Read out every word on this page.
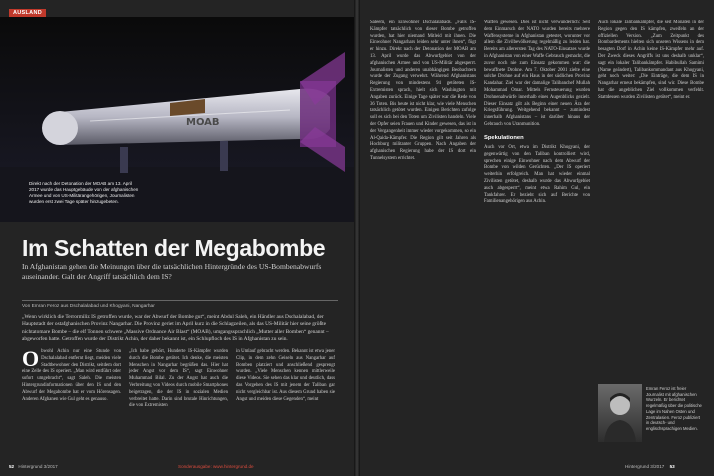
AUSLAND
MOAB
Direkt nach der Detonation der MOAB am 13. April 2017 wurde das Hauptgebäude von der afghanischen Armee und von US-Militärangehörigen, Journalisten wurden erst zwei Tage später hinzugebeten.
Im Schatten der Megabombe
In Afghanistan gehen die Meinungen über die tatsächlichen Hintergründe des US-Bombenabwurfs auseinander. Galt der Angriff tatsächlich dem IS?
Von Emran Feroz aus Dschalalabad und Khogyani, Nangarhar
„Wenn wirklich die Terrormiliz IS getroffen wurde, war der Abwurf der Bombe gut“, meint Abdul Saleh, ein Händler aus Dschalalabad, der Hauptstadt der ostafghanischen Provinz Nangarhar. Die Provinz geriet im April kurz in die Schlagzeilen, als das US-Militär hier seine größte nichtatomare Bombe – die elf Tonnen schwere „Massive Ordnance Air Blast“ (MOAB), umgangssprachlich „Mutter aller Bomben“ genannt – abgeworfen hatte. Getroffen wurde der Distrikt Achin, der daher bekannt ist, ein Schlupfloch des IS in Afghanistan zu sein.
Obwohl Achin nur eine Stunde von Dschalalabad entfernt liegt, meiden viele Stadtbewohner den Distrikt, seitdem dort eine Zelle des IS operiert. „Man wird entführt oder sofort umgebracht“, sagt Saleh. Die meisten Hintergrundinformationen über den IS und den Abwurf der Megabombe hat er vom Hörensagen. Anderen Afghanen wie Gul geht es genauso.
„Ich habe gehört, Hunderte IS-Kämpfer wurden durch die Bombe getötet. Ich denke, die meisten Menschen in Nangarhar begrüßen das. Hier hat jeder Angst vor dem IS“, sagt Einwohner Muhammad Bilal. Zu der Angst hat auch die Verbreitung von Videos durch mobile Smartphones beigetragen, die der IS in sozialen Medien verbreitet hatte. Darin sind brutale Hinrichtungen, die von Extremisten
in Umlauf gebracht werden. Bekannt ist etwa jener Clip, in dem zehn Geiseln aus Nangarhar auf Bomben platziert und anschließend gesprengt wurden. „Viele Menschen kennen mittlerweile diese Videos. Sie sehen das klar und deutlich, dass das Vorgehen des IS mit jenem der Taliban gar nicht vergleichbar ist. Aus diesem Grund haben sie Angst und meiden diese Gegenden“, meint
52 Hintergrund 3/2017	Sonderausgabe: www.hintergrund.de
Saleem, ein Einwohner Dschalalabads. „Falls IS-Kämpfer tatsächlich von dieser Bombe getroffen wurden, hat hier niemand Mitleid mit ihnen. Die Einwohner Nangarhars leiden sehr unter ihnen“, fügt er hinzu. Direkt nach der Detonation der MOAB am 13. April wurde das Abwurfgebiet von der afghanischen Armee und von US-Militär abgesperrt. Journalisten und anderen unabhängigen Beobachtern wurde der Zugang verwehrt. Während Afghanistans Regierung von mindestens 94 getöteten IS-Extremisten sprach, hielt sich Washington mit Angaben zurück. Einige Tage später war die Rede von 36 Toten. Bis heute ist nicht klar, wie viele Menschen tatsächlich getötet wurden. Einigen Berichten zufolge soll es sich bei den Toten um Zivilisten handeln. Viele der Opfer seien Frauen und Kinder gewesen, das ist in der Vergangenheit immer wieder vorgekommen, so ein Al-Qaida-Kämpfer. Die Region gilt seit Jahren als Hochburg militanter Gruppen. Nach Angaben der afghanischen Regierung habe der IS dort ein Tunnelsystem errichtet.
Waffen gewesen. Dies ist nicht verwunderlich: Seit dem Einmarsch der NATO wurden bereits mehrere Waffensysteme in Afghanistan getestet, worunter vor allem die Zivilbevölkerung regelmäßig zu leiden hat. Bereits am allerersten Tag des NATO-Einsatzes wurde in Afghanistan von einer Waffe Gebrauch gemacht, die zuvor noch nie zum Einsatz gekommen war: die bewaffnete Drohne. Am 7. Oktober 2001 zielte eine solche Drohne auf ein Haus in der südlichen Provinz Kandahar. Ziel war der damalige Talibanchef Mullah Mohammad Omar. Mittels Fernsteuerung wurden Drohnenabwürfe innerhalb eines Augenblicks gezielt. Dieser Einsatz gilt als Beginn einer neuen Ära der Kriegsführung. Weitgehend bekannt – zumindest innerhalb Afghanistans – ist darüber hinaus der Gebrauch von Uranmunition.
Spekulationen
Auch vor Ort, etwa im Distrikt Khogyani, der gegenwärtig von den Taliban kontrolliert wird, sprechen einige Einwohner nach dem Abwurf der Bombe von wilden Gerüchten. „Der IS operiert weiterhin erfolgreich. Man hat wieder einmal Zivilisten getötet, deshalb wurde das Abwurfgebiet auch abgesperrt“, meint etwa Rahim Gul, ein Tankfahrer. Er bezieht sich auf Berichte von Familienangehörigen aus Achin.
Auch lokale Talibankämpfer, die seit Monaten in der Region gegen den IS kämpfen, zweifeln an der offiziellen Version. „Zum Zeitpunkt des Bombardements hielten sich unseren Wissens in dem besagten Dorf in Achin keine IS-Kämpfer mehr auf. Der Zweck dieses Angriffs ist uns deshalb unklar“, sagt ein lokaler Talibankämpfer. Habibullah Samimi (Name geändert), Talibankommandant aus Khogyani, geht noch weiter: „Die Einträge, die dem IS in Nangarhar erneut bekämpfen, sind wir. Diese Bombe hat die angeblichen Ziel vollkommen verfehlt. Stattdessen wurden Zivilisten getötet“, meint er.
Emran Feroz ist freier Journalist mit afghanischen Wurzeln. Er berichtet regelmäßig über die politische Lage im Nahen Osten und Zentralasien. Feroz publiziert in deutsch- und englischsprachigen Medien.
Hintergrund 3/2017 53
